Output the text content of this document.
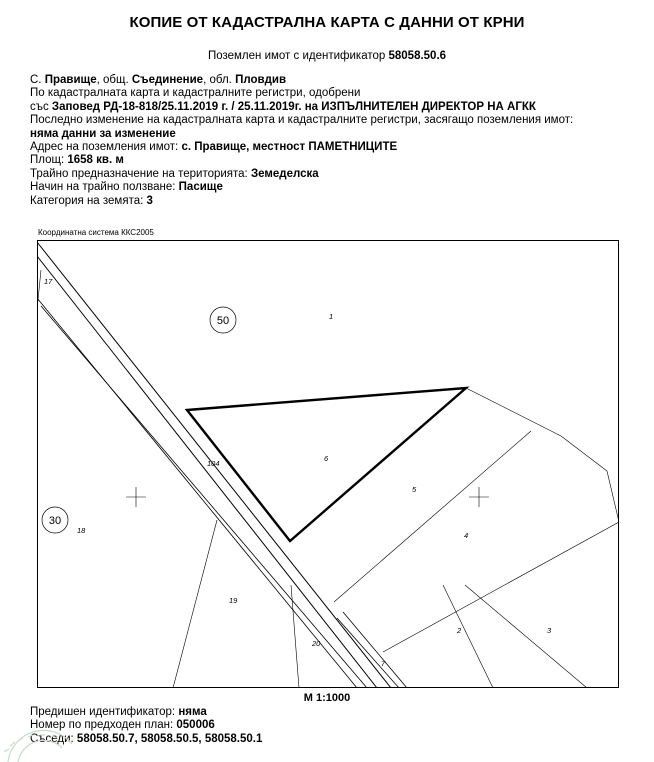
КОПИЕ ОТ КАДАСТРАЛНА КАРТА С ДАННИ ОТ КРНИ
Поземлен имот с идентификатор 58058.50.6
С. Правище, общ. Съединение, обл. Пловдив
По кадастралната карта и кадастралните регистри, одобрени
със Заповед РД-18-818/25.11.2019 г. / 25.11.2019г. на ИЗПЪЛНИТЕЛЕН ДИРЕКТОР НА АГКК
Последно изменение на кадастралната карта и кадастралните регистри, засягащо поземления имот:
няма данни за изменение
Адрес на поземления имот: с. Правище, местност ПАМЕТНИЦИТЕ
Площ: 1658 кв. м
Трайно предназначение на територията: Земеделска
Начин на трайно ползване: Пасище
Категория на земята: 3
Координатна система ККС2005
50
30
17
1
104
6
5
4
18
19
20
2	3
7
М 1:1000
Предишен идентификатор: няма
Номер по предходен план: 050006
Съседи: 58058.50.7, 58058.50.5, 58058.50.1
